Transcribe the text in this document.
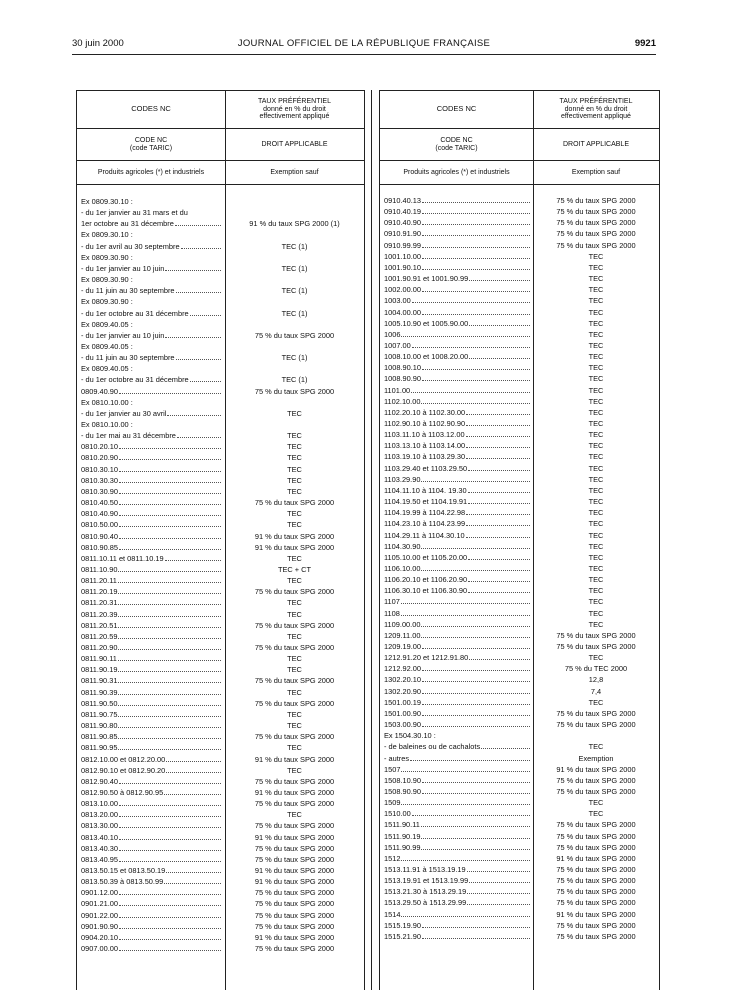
30 juin 2000	JOURNAL OFFICIEL DE LA RÉPUBLIQUE FRANÇAISE	9921
CODES NC
TAUX PRÉFÉRENTIEL
donné en % du droit
effectivement appliqué
CODE NC
(code TARIC)
DROIT APPLICABLE
Produits agricoles (*) et industriels	Exemption sauf
Ex 0809.30.10 :
- du 1er janvier au 31 mars et du
1er octobre au 31 décembre	91 % du taux SPG 2000 (1)
Ex 0809.30.10 :
- du 1er avril au 30 septembre	TEC (1)
Ex 0809.30.90 :
- du 1er janvier au 10 juin	TEC (1)
Ex 0809.30.90 :
- du 11 juin au 30 septembre	TEC (1)
Ex 0809.30.90 :
- du 1er octobre au 31 décembre	TEC (1)
Ex 0809.40.05 :
- du 1er janvier au 10 juin	75 % du taux SPG 2000
Ex 0809.40.05 :
- du 11 juin au 30 septembre	TEC (1)
Ex 0809.40.05 :
- du 1er octobre au 31 décembre	TEC (1)
0809.40.90	75 % du taux SPG 2000
Ex 0810.10.00 :
- du 1er janvier au 30 avril	TEC
Ex 0810.10.00 :
- du 1er mai au 31 décembre	TEC
0810.20.10	TEC
0810.20.90	TEC
0810.30.10	TEC
0810.30.30	TEC
0810.30.90	TEC
0810.40.50	75 % du taux SPG 2000
0810.40.90	TEC
0810.50.00	TEC
0810.90.40	91 % du taux SPG 2000
0810.90.85	91 % du taux SPG 2000
0811.10.11 et 0811.10.19	TEC
0811.10.90	TEC + CT
0811.20.11	TEC
0811.20.19	75 % du taux SPG 2000
0811.20.31	TEC
0811.20.39	TEC
0811.20.51	75 % du taux SPG 2000
0811.20.59	TEC
0811.20.90	75 % du taux SPG 2000
0811.90.11	TEC
0811.90.19	TEC
0811.90.31	75 % du taux SPG 2000
0811.90.39	TEC
0811.90.50	75 % du taux SPG 2000
0811.90.75	TEC
0811.90.80	TEC
0811.90.85	75 % du taux SPG 2000
0811.90.95	TEC
0812.10.00 et 0812.20.00	91 % du taux SPG 2000
0812.90.10 et 0812.90.20	TEC
0812.90.40	75 % du taux SPG 2000
0812.90.50 à 0812.90.95	91 % du taux SPG 2000
0813.10.00	75 % du taux SPG 2000
0813.20.00	TEC
0813.30.00	75 % du taux SPG 2000
0813.40.10	91 % du taux SPG 2000
0813.40.30	75 % du taux SPG 2000
0813.40.95	75 % du taux SPG 2000
0813.50.15 et 0813.50.19	91 % du taux SPG 2000
0813.50.39 à 0813.50.99	91 % du taux SPG 2000
0901.12.00	75 % du taux SPG 2000
0901.21.00	75 % du taux SPG 2000
0901.22.00	75 % du taux SPG 2000
0901.90.90	75 % du taux SPG 2000
0904.20.10	91 % du taux SPG 2000
0907.00.00	75 % du taux SPG 2000
CODES NC
TAUX PRÉFÉRENTIEL
donné en % du droit
effectivement appliqué
CODE NC
(code TARIC)
DROIT APPLICABLE
Produits agricoles (*) et industriels	Exemption sauf
0910.40.13	75 % du taux SPG 2000
0910.40.19	75 % du taux SPG 2000
0910.40.90	75 % du taux SPG 2000
0910.91.90	75 % du taux SPG 2000
0910.99.99	75 % du taux SPG 2000
1001.10.00	TEC
1001.90.10	TEC
1001.90.91 et 1001.90.99	TEC
1002.00.00	TEC
1003.00	TEC
1004.00.00	TEC
1005.10.90 et 1005.90.00	TEC
1006	TEC
1007.00	TEC
1008.10.00 et 1008.20.00	TEC
1008.90.10	TEC
1008.90.90	TEC
1101.00	TEC
1102.10.00	TEC
1102.20.10 à 1102.30.00	TEC
1102.90.10 à 1102.90.90	TEC
1103.11.10 à 1103.12.00	TEC
1103.13.10 à 1103.14.00	TEC
1103.19.10 à 1103.29.30	TEC
1103.29.40 et 1103.29.50	TEC
1103.29.90	TEC
1104.11.10 à 1104. 19.30	TEC
1104.19.50 et 1104.19.91	TEC
1104.19.99 à 1104.22.98	TEC
1104.23.10 à 1104.23.99	TEC
1104.29.11 à 1104.30.10	TEC
1104.30.90	TEC
1105.10.00 et 1105.20.00	TEC
1106.10.00	TEC
1106.20.10 et 1106.20.90	TEC
1106.30.10 et 1106.30.90	TEC
1107	TEC
1108	TEC
1109.00.00	TEC
1209.11.00	75 % du taux SPG 2000
1209.19.00	75 % du taux SPG 2000
1212.91.20 et 1212.91.80	TEC
1212.92.00	75 % du TEC 2000
1302.20.10	12,8
1302.20.90	7,4
1501.00.19	TEC
1501.00.90	75 % du taux SPG 2000
1503.00.90	75 % du taux SPG 2000
Ex 1504.30.10 :
- de baleines ou de cachalots	TEC
- autres	Exemption
1507	91 % du taux SPG 2000
1508.10.90	75 % du taux SPG 2000
1508.90.90	75 % du taux SPG 2000
1509	TEC
1510.00	TEC
1511.90.11	75 % du taux SPG 2000
1511.90.19	75 % du taux SPG 2000
1511.90.99	75 % du taux SPG 2000
1512	91 % du taux SPG 2000
1513.11.91 à 1513.19.19	75 % du taux SPG 2000
1513.19.91 et 1513.19.99	75 % du taux SPG 2000
1513.21.30 à 1513.29.19	75 % du taux SPG 2000
1513.29.50 à 1513.29.99	75 % du taux SPG 2000
1514	91 % du taux SPG 2000
1515.19.90	75 % du taux SPG 2000
1515.21.90	75 % du taux SPG 2000
